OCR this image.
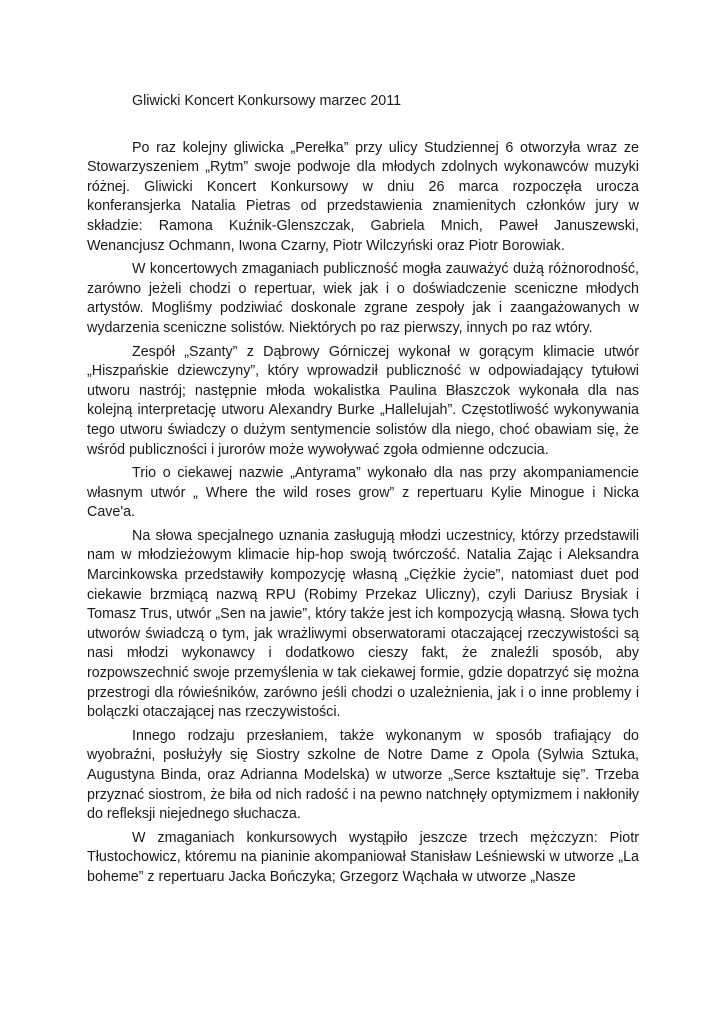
Gliwicki Koncert Konkursowy marzec 2011

Po raz kolejny gliwicka „Perełka” przy ulicy Studziennej 6 otworzyła wraz ze Stowarzyszeniem „Rytm” swoje podwoje dla młodych zdolnych wykonawców muzyki różnej. Gliwicki Koncert Konkursowy w dniu 26 marca rozpoczęła urocza konferansjerka Natalia Pietras od przedstawienia znamienitych członków jury w składzie: Ramona Kuźnik-Glenszczak, Gabriela Mnich, Paweł Januszewski, Wenancjusz Ochmann, Iwona Czarny, Piotr Wilczyński oraz Piotr Borowiak.

W koncertowych zmaganiach publiczność mogła zauważyć dużą różnorodność, zarówno jeżeli chodzi o repertuar, wiek jak i o doświadczenie sceniczne młodych artystów. Mogliśmy podziwiać doskonale zgrane zespoły jak i zaangażowanych w wydarzenia sceniczne solistów. Niektórych po raz pierwszy, innych po raz wtóry.

Zespół „Szanty” z Dąbrowy Górniczej wykonał w gorącym klimacie utwór „Hiszpańskie dziewczyny”, który wprowadził publiczność w odpowiadający tytułowi utworu nastrój; następnie młoda wokalistka Paulina Błaszczok wykonała dla nas kolejną interpretację utworu Alexandry Burke „Hallelujah”. Częstotliwość wykonywania tego utworu świadczy o dużym sentymencie solistów dla niego, choć obawiam się, że wśród publiczności i jurorów może wywoływać zgoła odmienne odczucia.

Trio o ciekawej nazwie „Antyrama” wykonało dla nas przy akompaniamencie własnym utwór „ Where the wild roses grow” z repertuaru Kylie Minogue i Nicka Cave'a.

Na słowa specjalnego uznania zasługują młodzi uczestnicy, którzy przedstawili nam w młodzieżowym klimacie hip-hop swoją twórczość. Natalia Zając i Aleksandra Marcinkowska przedstawiły kompozycję własną „Ciężkie życie”, natomiast duet pod ciekawie brzmiącą nazwą RPU (Robimy Przekaz Uliczny), czyli Dariusz Brysiak i Tomasz Trus, utwór „Sen na jawie”, który także jest ich kompozycją własną. Słowa tych utworów świadczą o tym, jak wrażliwymi obserwatorami otaczającej rzeczywistości są nasi młodzi wykonawcy i dodatkowo cieszy fakt, że znaleźli sposób, aby rozpowszechnić swoje przemyślenia w tak ciekawej formie, gdzie dopatrzyć się można przestrogi dla rówieśników, zarówno jeśli chodzi o uzależnienia, jak i o inne problemy i bolączki otaczającej nas rzeczywistości.

Innego rodzaju przesłaniem, także wykonanym w sposób trafiający do wyobraźni, posłużyły się Siostry szkolne de Notre Dame z Opola (Sylwia Sztuka, Augustyna Binda, oraz Adrianna Modelska) w utworze „Serce kształtuje się”. Trzeba przyznać siostrom, że biła od nich radość i na pewno natchnęły optymizmem i nakłoniły do refleksji niejednego słuchacza.

W zmaganiach konkursowych wystąpiło jeszcze trzech mężczyzn: Piotr Tłustochowicz, któremu na pianinie akompaniował Stanisław Leśniewski w utworze „La boheme” z repertuaru Jacka Bończyka; Grzegorz Wąchała w utworze „Nasze
